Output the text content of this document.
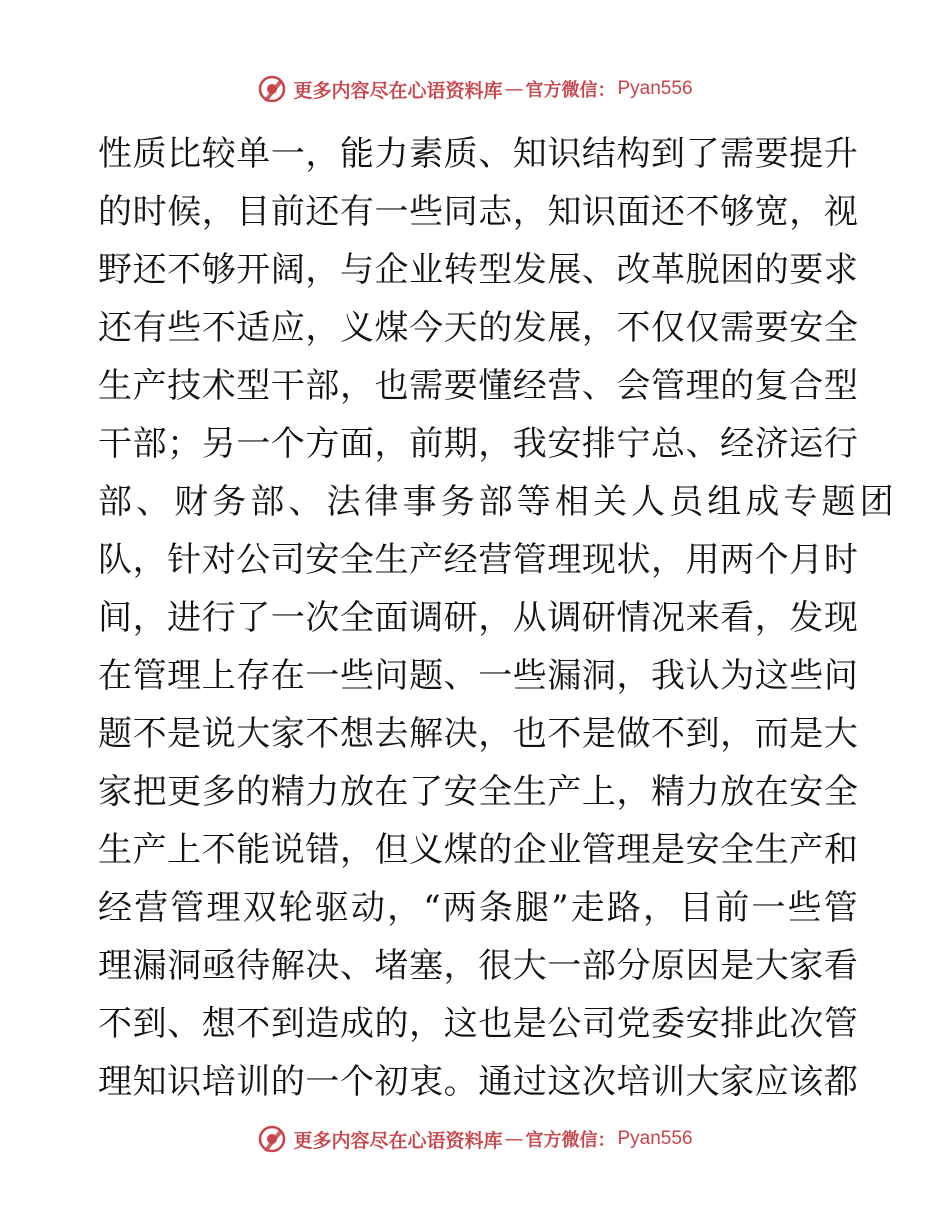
更多内容尽在心语资料库 — 官方微信： Pyan556
性 质 比 较 单 一 ， 能 力 素 质 、 知 识 结 构 到 了 需 要 提 升
的 时 候 ， 目 前 还 有 一 些 同 志 ， 知 识 面 还 不 够 宽 ， 视
野 还 不 够 开 阔 ， 与 企 业 转 型 发 展 、 改 革 脱 困 的 要 求
还 有 些 不 适 应 ， 义 煤 今 天 的 发 展 ， 不 仅 仅 需 要 安 全
生 产 技 术 型 干 部 ， 也 需 要 懂 经 营 、 会 管 理 的 复 合 型
干 部 ； 另 一 个 方 面 ， 前 期 ， 我 安 排 宁 总 、 经 济 运 行
部 、 财 务 部 、 法 律 事 务 部 等 相 关 人 员 组 成 专 题 团
队 ， 针 对 公 司 安 全 生 产 经 营 管 理 现 状 ， 用 两 个 月 时
间 ， 进 行 了 一 次 全 面 调 研 ， 从 调 研 情 况 来 看 ， 发 现
在 管 理 上 存 在 一 些 问 题 、 一 些 漏 洞 ， 我 认 为 这 些 问
题 不 是 说 大 家 不 想 去 解 决 ， 也 不 是 做 不 到 ， 而 是 大
家 把 更 多 的 精 力 放 在 了 安 全 生 产 上 ， 精 力 放 在 安 全
生 产 上 不 能 说 错 ， 但 义 煤 的 企 业 管 理 是 安 全 生 产 和
经 营 管 理 双 轮 驱 动 ， “ 两 条 腿 ” 走 路 ， 目 前 一 些 管
理 漏 洞 亟 待 解 决 、 堵 塞 ， 很 大 一 部 分 原 因 是 大 家 看
不 到 、 想 不 到 造 成 的 ， 这 也 是 公 司 党 委 安 排 此 次 管
理 知 识 培 训 的 一 个 初 衷 。 通 过 这 次 培 训 大 家 应 该 都
更多内容尽在心语资料库 — 官方微信： Pyan556
